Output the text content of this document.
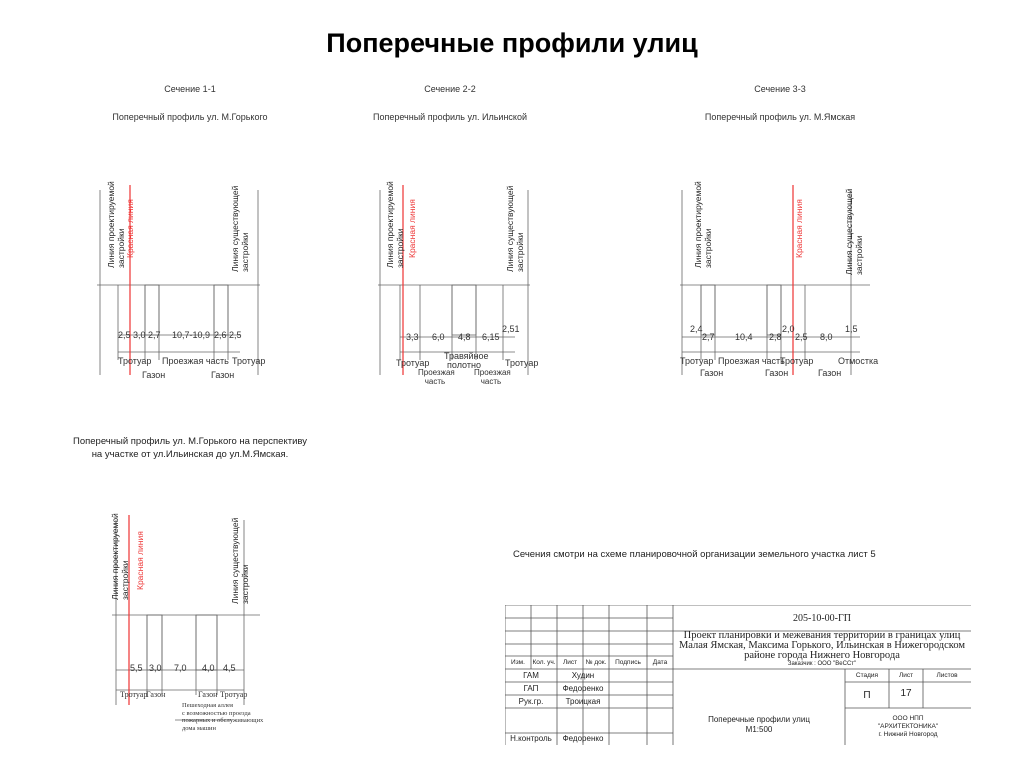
Поперечные профили улиц
Сечение 1-1
Поперечный профиль ул. М.Горького
Линия проектируемой застройки Красная линия	Линия существующей застройки
2,5 3,0 2,7 10,7-10,9 2,6 2,5
Тротуар Проезжая часть Тротуар
Газон	Газон
Сечение 2-2
Поперечный профиль ул. Ильинской
Линия проектируемой застройки Красная линия	Линия существующей застройки
3,3 6,0 4,8 6,15
2,51
Тротуар
Травяйное полотно	Тротуар
Проезжая часть
Проезжая часть
Сечение 3-3
Поперечный профиль ул. М.Ямская
Линия проектируемой застройки	Красная линия	Линия существующей застройки
2,4
2,7 10,4 2,8
2,0
2,5 8,0
1,5
Тротуар Проезжая часть
Тротуар	Отмостка
Газон	Газон	Газон
Поперечный профиль ул. М.Горького на перспективу
на участке от ул.Ильинская до ул.М.Ямская.
Линия проектируемой застройки Красная линия	Линия существующей застройки
5,5 3,0 7,0 4,0 4,5
Тротуар
Газон	Газон Тротуар
Пешеходная аллея
с возможностью проезда
пожарных и обслуживающих
дома машин
Сечения смотри на схеме планировочной организации земельного участка лист 5
205-10-00-ГП
Проект планировки и межевания территории в границах улиц
Малая Ямская, Максима Горького, Ильинская в Нижегородском
районе города Нижнего Новгорода
Заказчик : ООО "ВеССт"
Изм.	Кол. уч.	Лист	№ док.	Подпись	Дата
ГАМ	Худин
ГАП	Федоренко
Рук.гр.	Троицкая
Н.контроль	Федоренко
Стадия	Лист	Листов
П	17
Поперечные профили улиц
М1:500
ООО НПП
"АРХИТЕКТОНИКА"
г. Нижний Новгород
